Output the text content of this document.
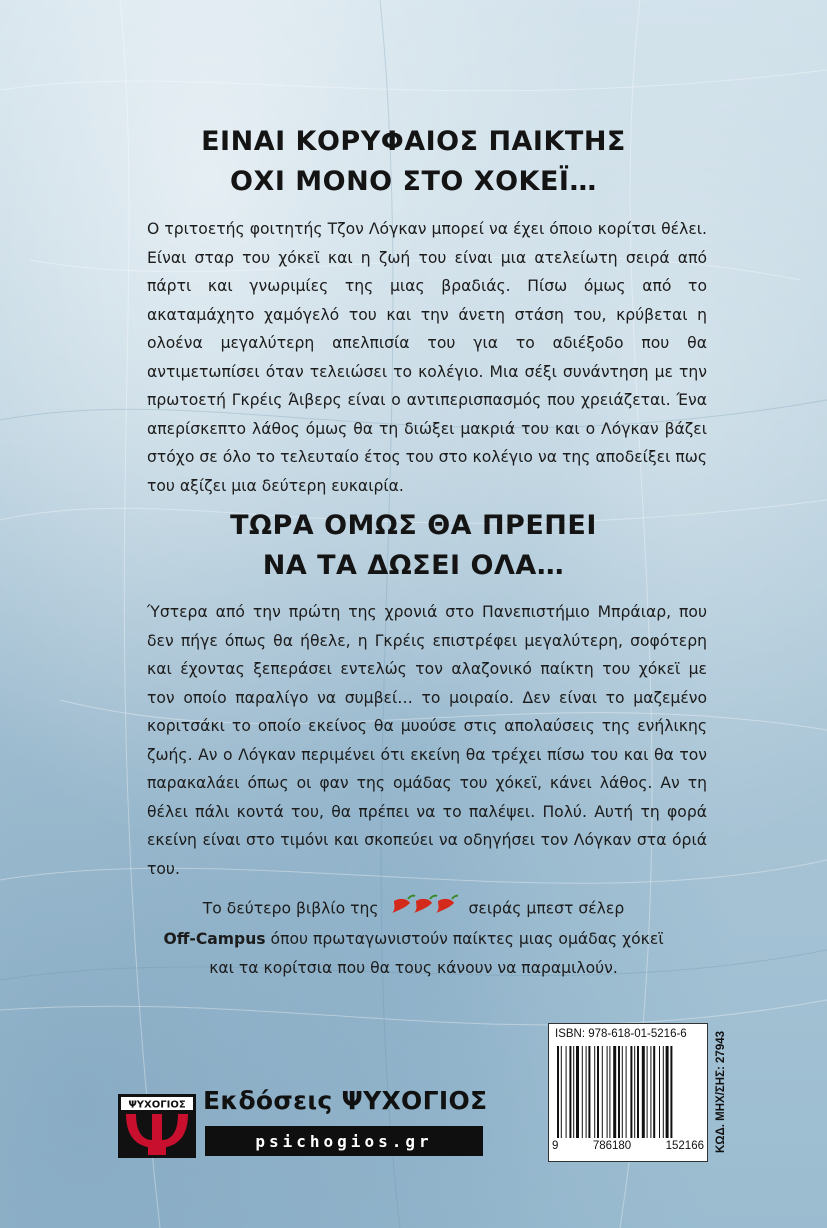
ΕΙΝΑΙ ΚΟΡΥΦΑΙΟΣ ΠΑΙΚΤΗΣ
ΟΧΙ ΜΟΝΟ ΣΤΟ ΧΟΚΕΪ…

Ο τριτοετής φοιτητής Τζον Λόγκαν μπορεί να έχει όποιο κορίτσι θέλει. Είναι σταρ του χόκεϊ και η ζωή του είναι μια ατελείωτη σειρά από πάρτι και γνωριμίες της μιας βραδιάς. Πίσω όμως από το ακαταμάχητο χαμόγελό του και την άνετη στάση του, κρύβεται η ολοένα μεγαλύτερη απελπισία του για το αδιέξοδο που θα αντιμετωπίσει όταν τελειώσει το κολέγιο. Μια σέξι συνάντηση με την πρωτοετή Γκρέις Άιβερς είναι ο αντιπερισπασμός που χρειάζεται. Ένα απερίσκεπτο λάθος όμως θα τη διώξει μακριά του και ο Λόγκαν βάζει στόχο σε όλο το τελευταίο έτος του στο κολέγιο να της αποδείξει πως του αξίζει μια δεύτερη ευκαιρία.

ΤΩΡΑ ΟΜΩΣ ΘΑ ΠΡΕΠΕΙ
ΝΑ ΤΑ ΔΩΣΕΙ ΟΛΑ…

Ύστερα από την πρώτη της χρονιά στο Πανεπιστήμιο Μπράιαρ, που δεν πήγε όπως θα ήθελε, η Γκρέις επιστρέφει μεγαλύτερη, σοφότερη και έχοντας ξεπεράσει εντελώς τον αλαζονικό παίκτη του χόκεϊ με τον οποίο παραλίγο να συμβεί… το μοιραίο. Δεν είναι το μαζεμένο κοριτσάκι το οποίο εκείνος θα μυούσε στις απολαύσεις της ενήλικης ζωής. Αν ο Λόγκαν περιμένει ότι εκείνη θα τρέχει πίσω του και θα τον παρακαλάει όπως οι φαν της ομάδας του χόκεϊ, κάνει λάθος. Αν τη θέλει πάλι κοντά του, θα πρέπει να το παλέψει. Πολύ. Αυτή τη φορά εκείνη είναι στο τιμόνι και σκοπεύει να οδηγήσει τον Λόγκαν στα όριά του.

Το δεύτερο βιβλίο της	σειράς μπεστ σέλερ
Off-Campus όπου πρωταγωνιστούν παίκτες μιας ομάδας χόκεϊ
και τα κορίτσια που θα τους κάνουν να παραμιλούν.
ISBN: 978-618-01-5216-6
9	786180	152166 ΚΩΔ. ΜΗΧ/ΣΗΣ: 27943
ΨΥΧΟΓΙΟΣ Εκδόσεις ΨΥΧΟΓΙΟΣ
psichogios.gr
